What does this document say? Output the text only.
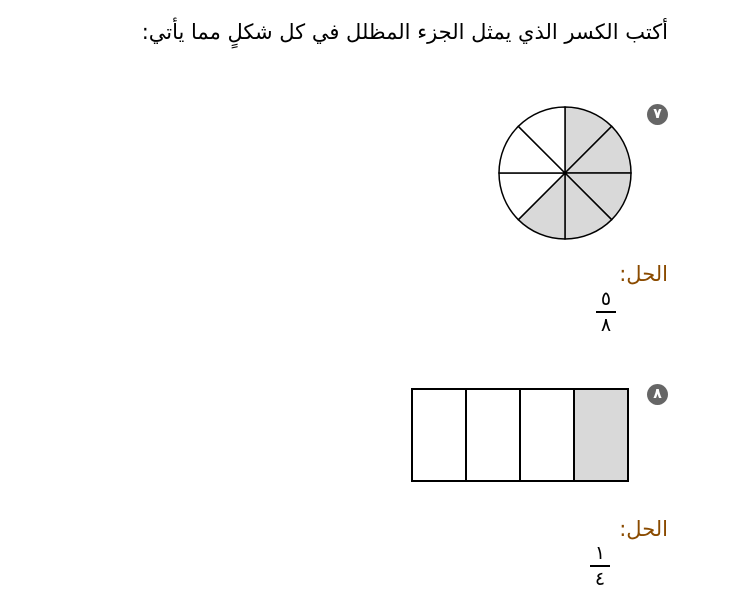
أكتب الكسر الذي يمثل الجزء المظلل في كل شكلٍ مما يأتي:
٧
الحل:
٥
٨
٨
الحل:
١
٤
